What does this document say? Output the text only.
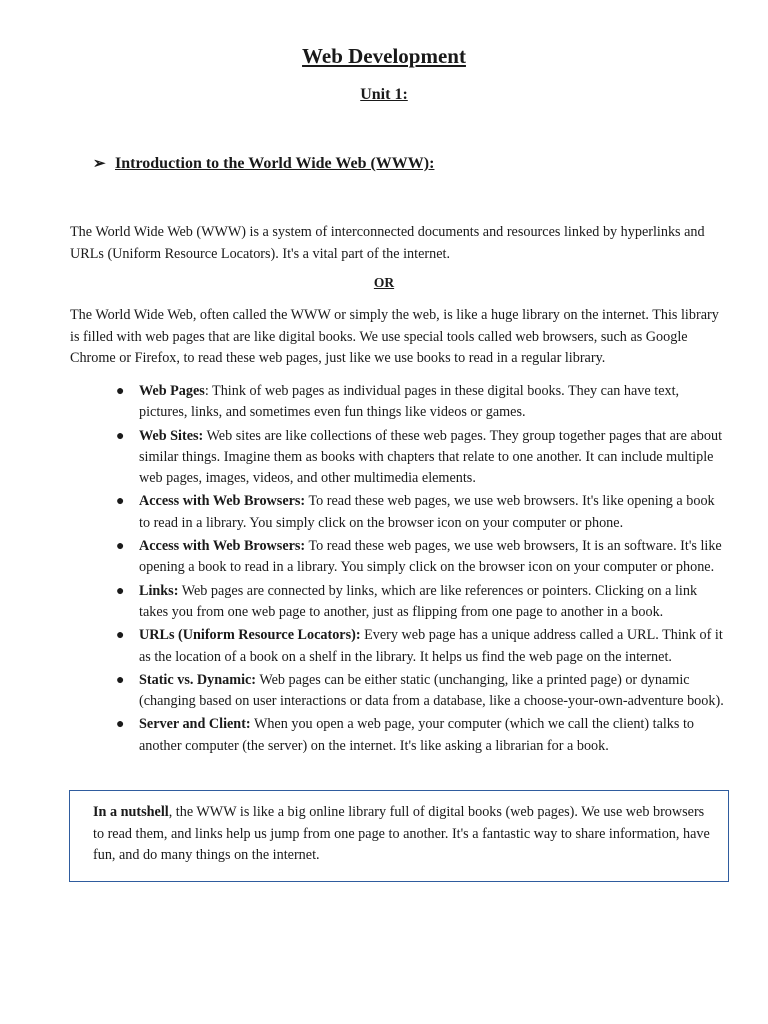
Web Development
Unit 1:
➢ Introduction to the World Wide Web (WWW):

The World Wide Web (WWW) is a system of interconnected documents and resources linked by hyperlinks and URLs (Uniform Resource Locators). It's a vital part of the internet.

OR

The World Wide Web, often called the WWW or simply the web, is like a huge library on the internet. This library is filled with web pages that are like digital books. We use special tools called web browsers, such as Google Chrome or Firefox, to read these web pages, just like we use books to read in a regular library.

● Web Pages: Think of web pages as individual pages in these digital books. They can have text, pictures, links, and sometimes even fun things like videos or games.
● Web Sites: Web sites are like collections of these web pages. They group together pages that are about similar things. Imagine them as books with chapters that relate to one another. It can include multiple web pages, images, videos, and other multimedia elements.
● Access with Web Browsers: To read these web pages, we use web browsers. It's like opening a book to read in a library. You simply click on the browser icon on your computer or phone.
● Access with Web Browsers: To read these web pages, we use web browsers, It is an software. It's like opening a book to read in a library. You simply click on the browser icon on your computer or phone.
● Links: Web pages are connected by links, which are like references or pointers. Clicking on a link takes you from one web page to another, just as flipping from one page to another in a book.
● URLs (Uniform Resource Locators): Every web page has a unique address called a URL. Think of it as the location of a book on a shelf in the library. It helps us find the web page on the internet.
● Static vs. Dynamic: Web pages can be either static (unchanging, like a printed page) or dynamic (changing based on user interactions or data from a database, like a choose-your-own-adventure book).
● Server and Client: When you open a web page, your computer (which we call the client) talks to another computer (the server) on the internet. It's like asking a librarian for a book.
In a nutshell, the WWW is like a big online library full of digital books (web pages). We use web browsers to read them, and links help us jump from one page to another. It's a fantastic way to share information, have fun, and do many things on the internet.
